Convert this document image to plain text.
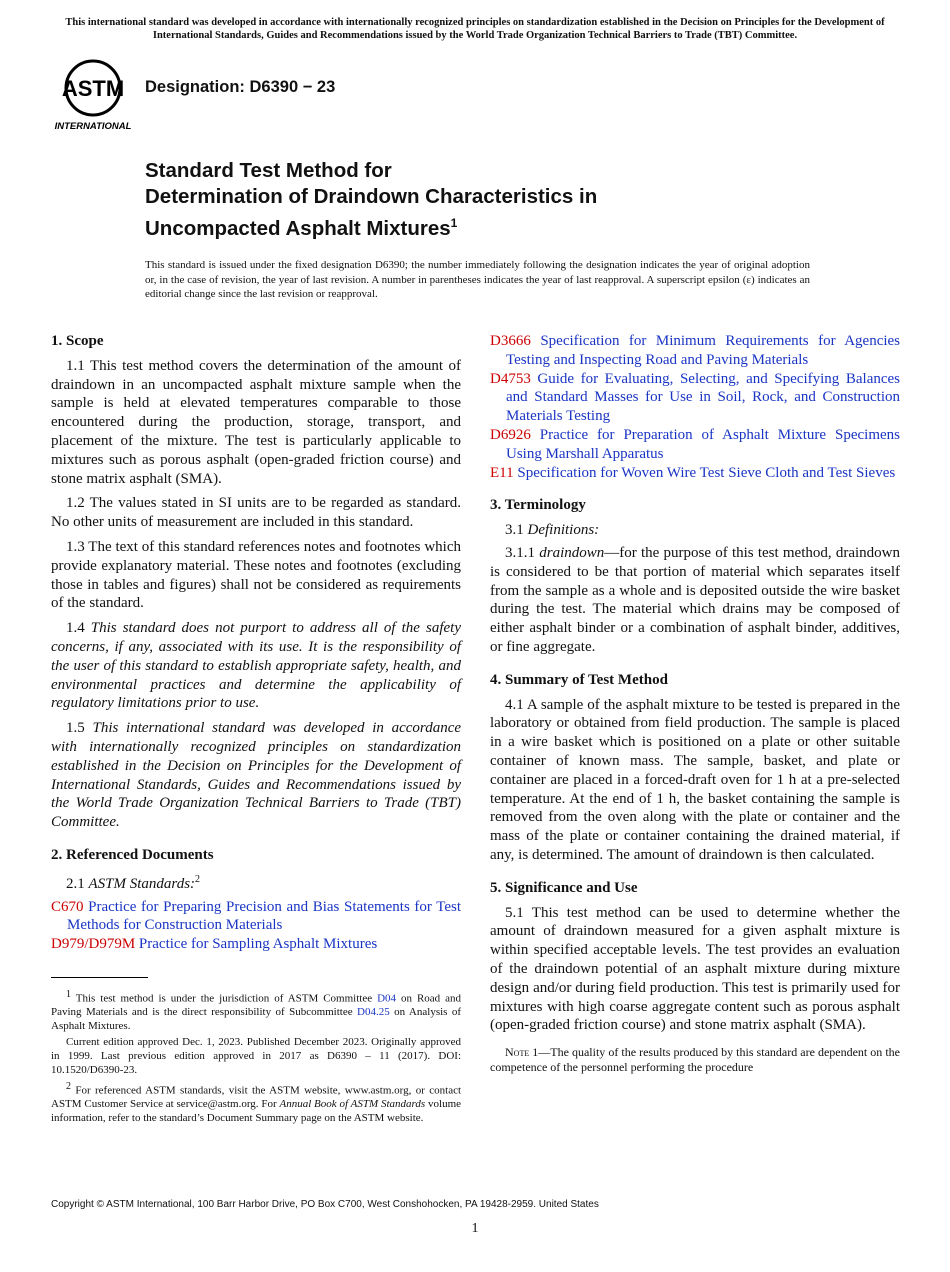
This international standard was developed in accordance with internationally recognized principles on standardization established in the Decision on Principles for the Development of International Standards, Guides and Recommendations issued by the World Trade Organization Technical Barriers to Trade (TBT) Committee.
ASTM
INTERNATIONAL
Designation: D6390 − 23
Standard Test Method for
Determination of Draindown Characteristics in
Uncompacted Asphalt Mixtures$^1$
This standard is issued under the fixed designation D6390; the number immediately following the designation indicates the year of original adoption or, in the case of revision, the year of last revision. A number in parentheses indicates the year of last reapproval. A superscript epsilon (ε) indicates an editorial change since the last revision or reapproval.
1. Scope

1.1 This test method covers the determination of the amount of draindown in an uncompacted asphalt mixture sample when the sample is held at elevated temperatures comparable to those encountered during the production, storage, transport, and placement of the mixture. The test is particularly applicable to mixtures such as porous asphalt (open-graded friction course) and stone matrix asphalt (SMA).

1.2 The values stated in SI units are to be regarded as standard. No other units of measurement are included in this standard.

1.3 The text of this standard references notes and footnotes which provide explanatory material. These notes and footnotes (excluding those in tables and figures) shall not be considered as requirements of the standard.

1.4 This standard does not purport to address all of the safety concerns, if any, associated with its use. It is the responsibility of the user of this standard to establish appropriate safety, health, and environmental practices and determine the applicability of regulatory limitations prior to use.

1.5 This international standard was developed in accordance with internationally recognized principles on standardization established in the Decision on Principles for the Development of International Standards, Guides and Recommendations issued by the World Trade Organization Technical Barriers to Trade (TBT) Committee.

2. Referenced Documents

2.1 ASTM Standards:$^2$

C670 Practice for Preparing Precision and Bias Statements for Test Methods for Construction Materials
D979/D979M Practice for Sampling Asphalt Mixtures

$^1$ This test method is under the jurisdiction of ASTM Committee D04 on Road and Paving Materials and is the direct responsibility of Subcommittee D04.25 on Analysis of Asphalt Mixtures.

Current edition approved Dec. 1, 2023. Published December 2023. Originally approved in 1999. Last previous edition approved in 2017 as D6390 – 11 (2017). DOI: 10.1520/D6390-23.

$^2$ For referenced ASTM standards, visit the ASTM website, www.astm.org, or contact ASTM Customer Service at service@astm.org. For Annual Book of ASTM Standards volume information, refer to the standard’s Document Summary page on the ASTM website.

D3666 Specification for Minimum Requirements for Agencies Testing and Inspecting Road and Paving Materials
D4753 Guide for Evaluating, Selecting, and Specifying Balances and Standard Masses for Use in Soil, Rock, and Construction Materials Testing
D6926 Practice for Preparation of Asphalt Mixture Specimens Using Marshall Apparatus
E11 Specification for Woven Wire Test Sieve Cloth and Test Sieves
3. Terminology

3.1 Definitions:

3.1.1 draindown—for the purpose of this test method, draindown is considered to be that portion of material which separates itself from the sample as a whole and is deposited outside the wire basket during the test. The material which drains may be composed of either asphalt binder or a combination of asphalt binder, additives, or fine aggregate.

4. Summary of Test Method

4.1 A sample of the asphalt mixture to be tested is prepared in the laboratory or obtained from field production. The sample is placed in a wire basket which is positioned on a plate or other suitable container of known mass. The sample, basket, and plate or container are placed in a forced-draft oven for 1 h at a pre-selected temperature. At the end of 1 h, the basket containing the sample is removed from the oven along with the plate or container and the mass of the plate or container containing the drained material, if any, is determined. The amount of draindown is then calculated.

5. Significance and Use

5.1 This test method can be used to determine whether the amount of draindown measured for a given asphalt mixture is within specified acceptable levels. The test provides an evaluation of the draindown potential of an asphalt mixture during mixture design and/or during field production. This test is primarily used for mixtures with high coarse aggregate content such as porous asphalt (open-graded friction course) and stone matrix asphalt (SMA).

Note 1—The quality of the results produced by this standard are dependent on the competence of the personnel performing the procedure

Copyright © ASTM International, 100 Barr Harbor Drive, PO Box C700, West Conshohocken, PA 19428-2959. United States
1
